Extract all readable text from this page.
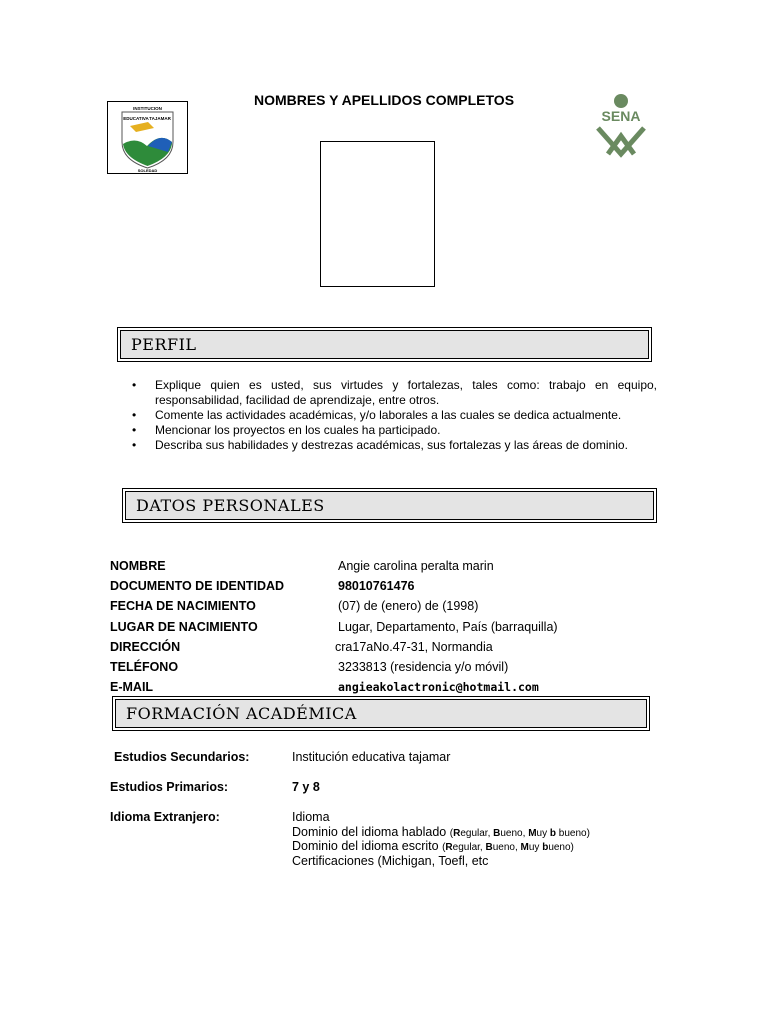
NOMBRES Y APELLIDOS COMPLETOS
INSTITUCION
EDUCATIVA TAJAMAR
SOLEDAD
SENA
PERFIL
• Explique quien es usted, sus virtudes y fortalezas, tales como: trabajo en equipo, responsabilidad, facilidad de aprendizaje, entre otros.
• Comente las actividades académicas, y/o laborales a las cuales se dedica actualmente.
• Mencionar los proyectos en los cuales ha participado.
• Describa sus habilidades y destrezas académicas, sus fortalezas y las áreas de dominio.
DATOS PERSONALES
NOMBRE	Angie carolina peralta marin
DOCUMENTO DE IDENTIDAD	98010761476
FECHA DE NACIMIENTO	(07) de (enero) de (1998)
LUGAR DE NACIMIENTO	Lugar, Departamento, País (barraquilla)
DIRECCIÓN	cra17aNo.47-31, Normandia
TELÉFONO	3233813 (residencia y/o móvil)
E-MAIL	angieakolactronic@hotmail.com
FORMACIÓN ACADÉMICA
Estudios Secundarios:	Institución educativa tajamar
Estudios Primarios:	7 y 8
Idioma Extranjero:	Idioma
Dominio del idioma hablado (Regular, Bueno, Muy b bueno)
Dominio del idioma escrito (Regular, Bueno, Muy bueno)
Certificaciones (Michigan, Toefl, etc
